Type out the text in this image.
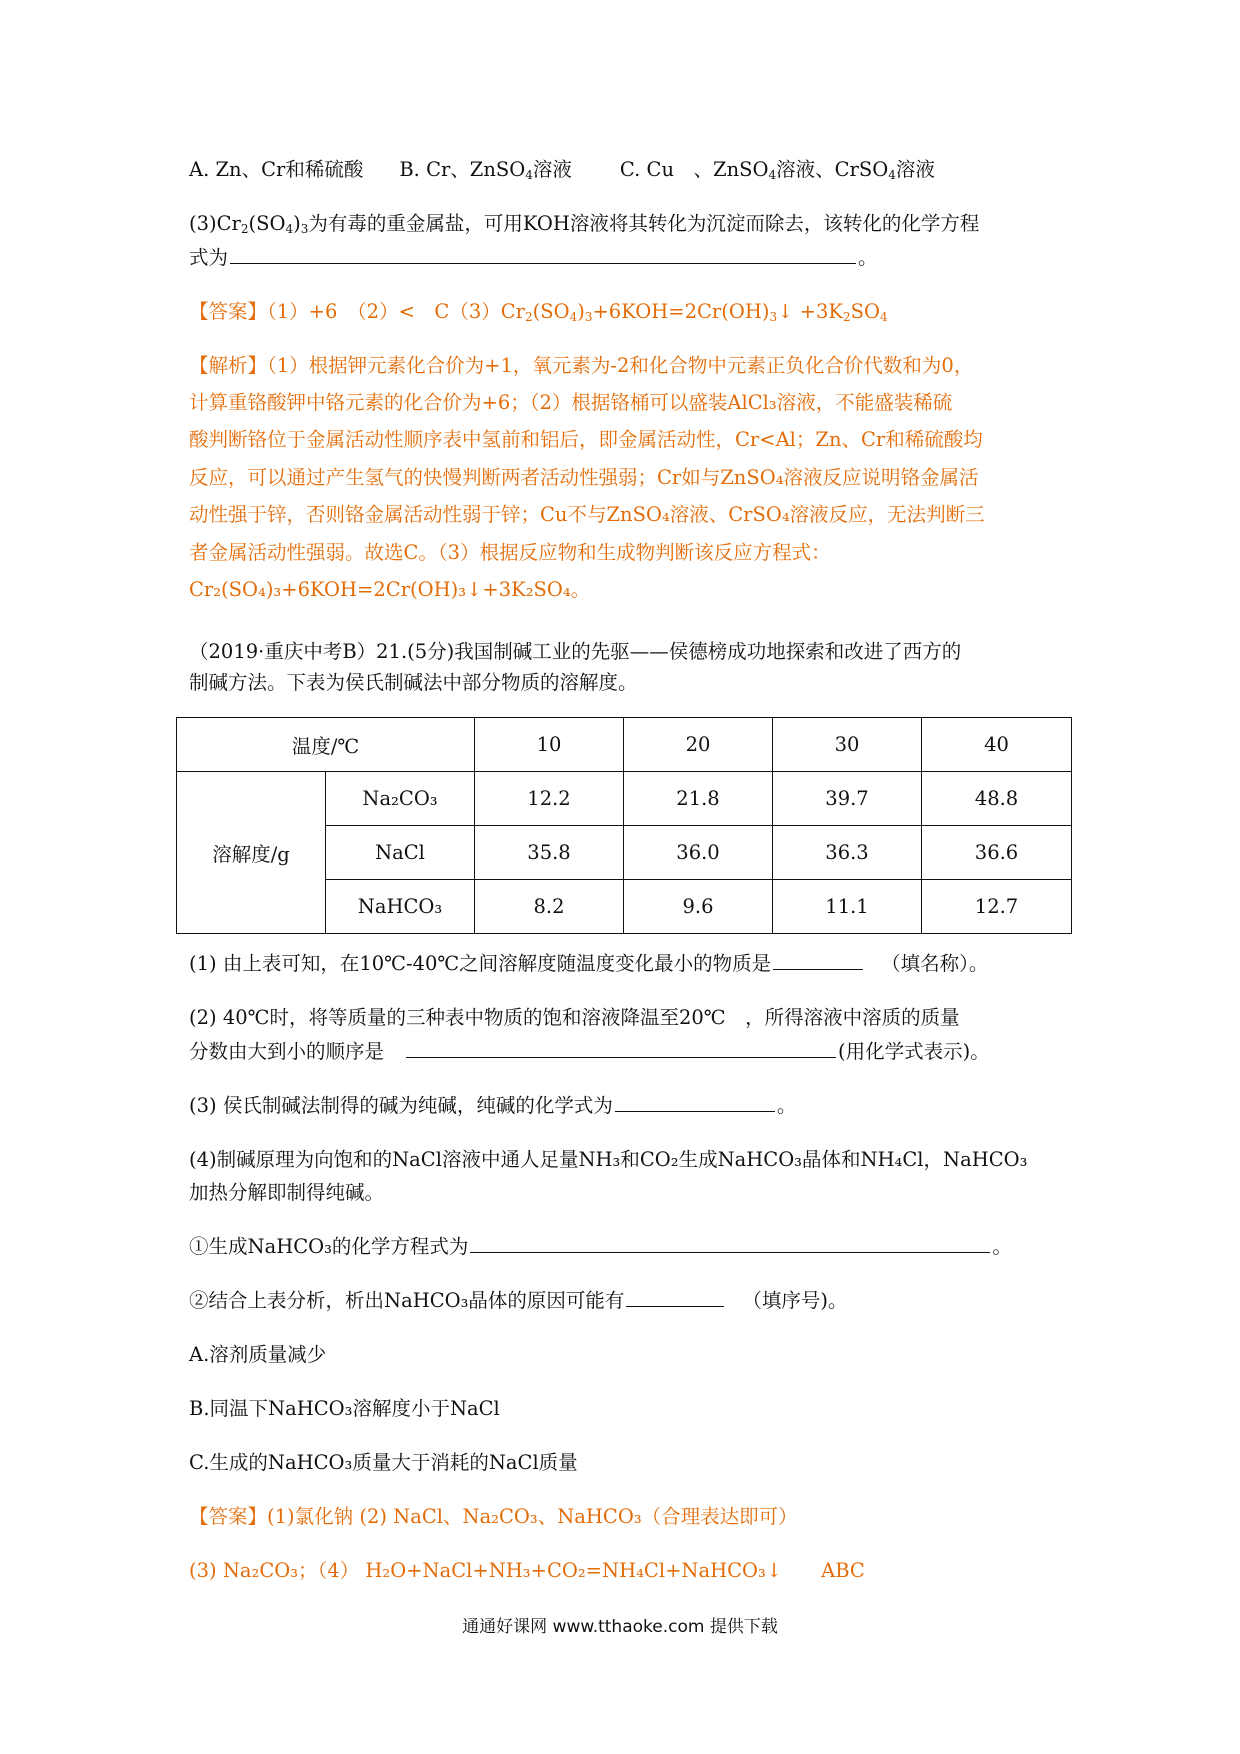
A. Zn、Cr和稀硫酸 B. Cr、ZnSO$_4$溶液 C. Cu　、ZnSO$_4$溶液、CrSO$_4$溶液
$(3)Cr_2(SO_4)_3$为有毒的重金属盐，可用KOH溶液将其转化为沉淀而除去，该转化的化学方程
式为	。
【答案】（1）+6　（2）<　$C(3)Cr_2(SO_4)_3+6KOH=2Cr(OH)_3↓ +3K_2SO_4$
【解析】（1）根据钾元素化合价为+1，氧元素为-2和化合物中元素正负化合价代数和为0，
计算重铬酸钾中铬元素的化合价为+6；（2）根据铬桶可以盛装AlCl₃溶液，不能盛装稀硫
酸判断铬位于金属活动性顺序表中氢前和铝后，即金属活动性，Cr<Al；Zn、Cr和稀硫酸均
反应，可以通过产生氢气的快慢判断两者活动性强弱；Cr如与ZnSO₄溶液反应说明铬金属活
动性强于锌，否则铬金属活动性弱于锌；Cu不与ZnSO₄溶液、CrSO₄溶液反应，无法判断三
者金属活动性强弱。故选C。（3）根据反应物和生成物判断该反应方程式：
Cr₂(SO₄)₃+6KOH=2Cr(OH)₃↓+3K₂SO₄。
（2019·重庆中考B）21.(5分)我国制碱工业的先驱——侯德榜成功地探索和改进了西方的
制碱方法。下表为侯氏制碱法中部分物质的溶解度。
温度/℃		10	20	30	40
溶解度/g	Na₂CO₃	12.2	21.8	39.7	48.8
	NaCl	35.8	36.0	36.3	36.6
	NaHCO₃	8.2	9.6	11.1	12.7
(1) 由上表可知，在10℃-40℃之间溶解度随温度变化最小的物质是	（填名称）。
(2) 40℃时，将等质量的三种表中物质的饱和溶液降温至20℃　，所得溶液中溶质的质量
分数由大到小的顺序是	(用化学式表示)。
(3) 侯氏制碱法制得的碱为纯碱，纯碱的化学式为	。
(4)制碱原理为向饱和的NaCl溶液中通人足量NH₃和CO₂生成NaHCO₃晶体和NH₄Cl，NaHCO₃
加热分解即制得纯碱。
①生成NaHCO₃的化学方程式为	。
②结合上表分析，析出NaHCO₃晶体的原因可能有	（填序号)。
A.溶剂质量减少
B.同温下NaHCO₃溶解度小于NaCl
C.生成的NaHCO₃质量大于消耗的NaCl质量
【答案】(1)氯化钠 (2) NaCl、Na₂CO₃、NaHCO₃（合理表达即可）
(3) Na₂CO₃；（4） H₂O+NaCl+NH₃+CO₂=NH₄Cl+NaHCO₃↓　　ABC
通通好课网 www.tthaoke.com 提供下载
